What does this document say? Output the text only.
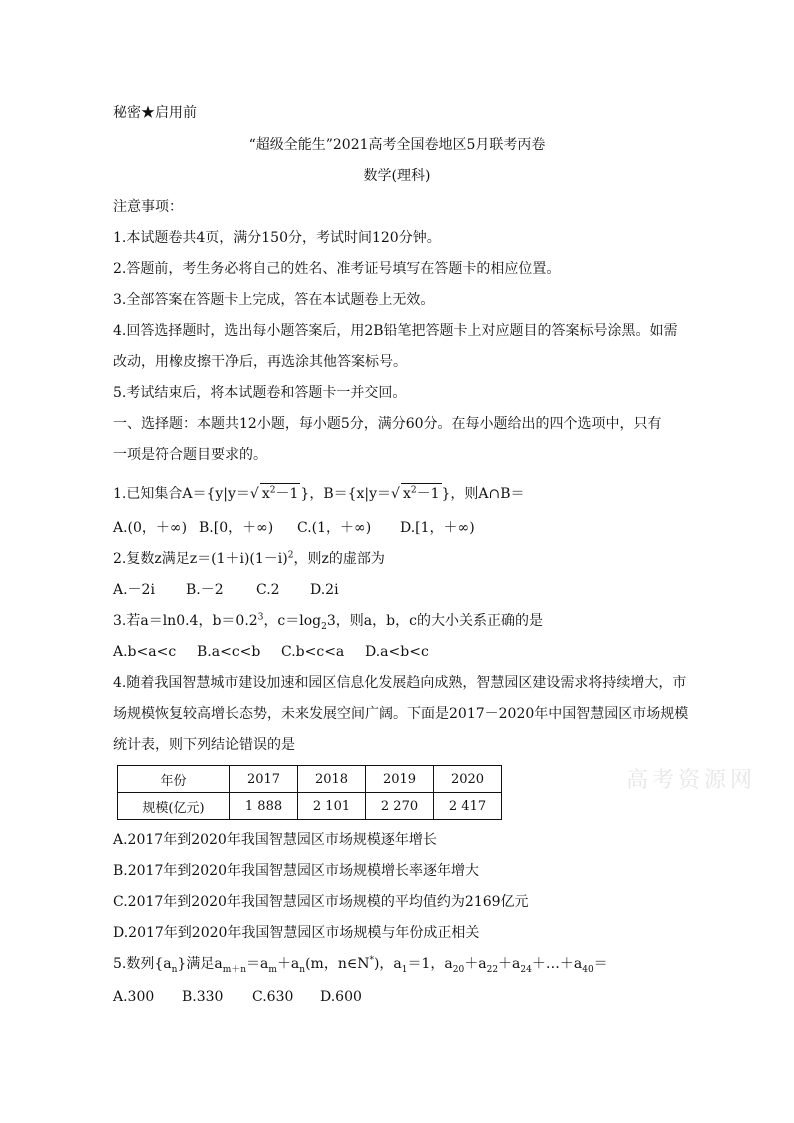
秘密★启用前
“超级全能生”2021高考全国卷地区5月联考丙卷
数学(理科)
注意事项：
1.本试题卷共4页，满分150分，考试时间120分钟。
2.答题前，考生务必将自己的姓名、准考证号填写在答题卡的相应位置。
3.全部答案在答题卡上完成，答在本试题卷上无效。
4.回答选择题时，选出每小题答案后，用2B铅笔把答题卡上对应题目的答案标号涂黑。如需
改动，用橡皮擦干净后，再选涂其他答案标号。
5.考试结束后，将本试题卷和答题卡一并交回。
一、选择题：本题共12小题，每小题5分，满分60分。在每小题给出的四个选项中，只有
一项是符合题目要求的。
1.已知集合A＝{y|y＝√ $x^2-1$ }，B＝{x|y＝√ $x^2-1$ }，则A∩B＝
A.(0，＋∞) B.[0，＋∞) C.(1，＋∞) D.[1，＋∞)
2.复数z满足$z=(1+i)(1-i)^2$，则z的虚部为
A.－2i B.－2 C.2 D.2i
3.若a＝ln0.4，$b=0.2^3$，$c=\log_23$，则a，b，c的大小关系正确的是
A.b<a<c B.a<c<b C.b<c<a D.a<b<c
4.随着我国智慧城市建设加速和园区信息化发展趋向成熟，智慧园区建设需求将持续增大，市
场规模恢复较高增长态势，未来发展空间广阔。下面是2017－2020年中国智慧园区市场规模
统计表，则下列结论错误的是
年份	2017	2018	2019	2020
规模(亿元)	1 888	2 101	2 270	2 417
高考资源网
A.2017年到2020年我国智慧园区市场规模逐年增长
B.2017年到2020年我国智慧园区市场规模增长率逐年增大
C.2017年到2020年我国智慧园区市场规模的平均值约为2169亿元
D.2017年到2020年我国智慧园区市场规模与年份成正相关
5.数列$\{a_n\}$满足$a_{m+n}=a_m+a_n(m$，n∈N*)，$a_1=1$，$a_{20}+a_{22}+a_{24}+\dots+a_{40}=$
A.300 B.330 C.630 D.600
